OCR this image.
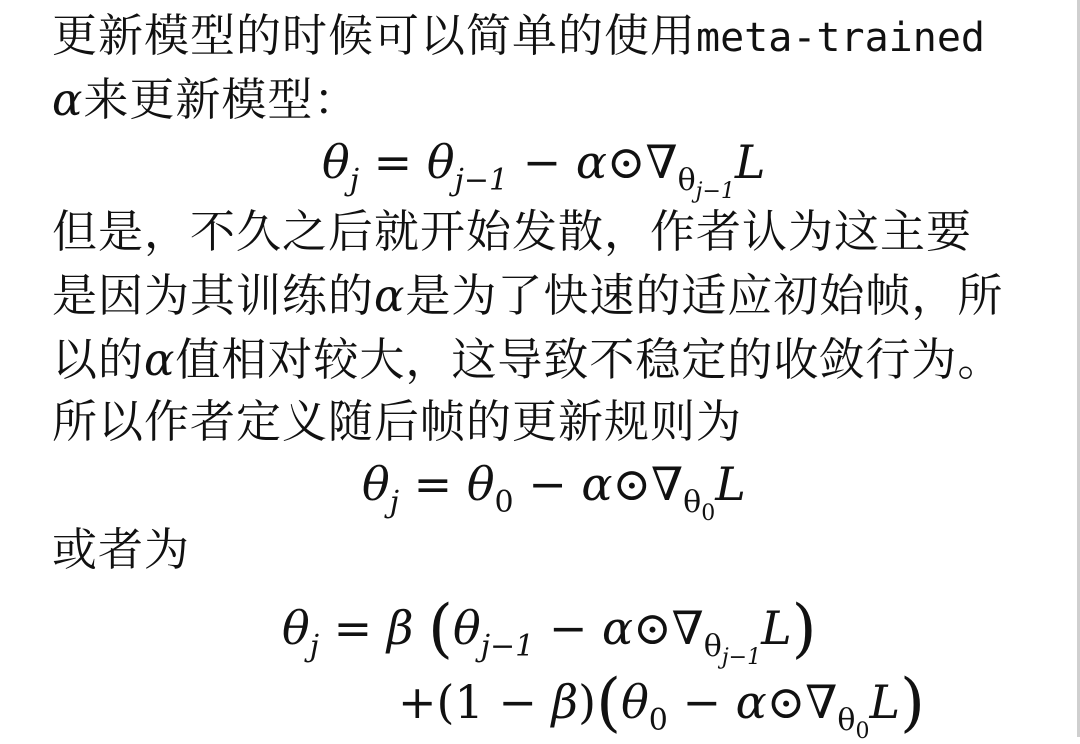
更新模型的时候可以简单的使用meta-trained
α来更新模型：
$\theta_j = \theta_{j-1}$ − $\alpha⊙\nabla_{\theta_{j-1}}L$
但是，不久之后就开始发散，作者认为这主要
是因为其训练的α是为了快速的适应初始帧，所
以的α值相对较大，这导致不稳定的收敛行为。
所以作者定义随后帧的更新规则为
$\theta_j = \theta_0$ − $\alpha⊙\nabla_{\theta_0}L$
或者为
$\theta_j = \beta$ ($\theta_{j-1}$ − $\alpha⊙\nabla_{\theta_{j-1}}L$)
$+(1 - \beta)(\theta_0$ − $\alpha⊙\nabla_{\theta_0}L$)
